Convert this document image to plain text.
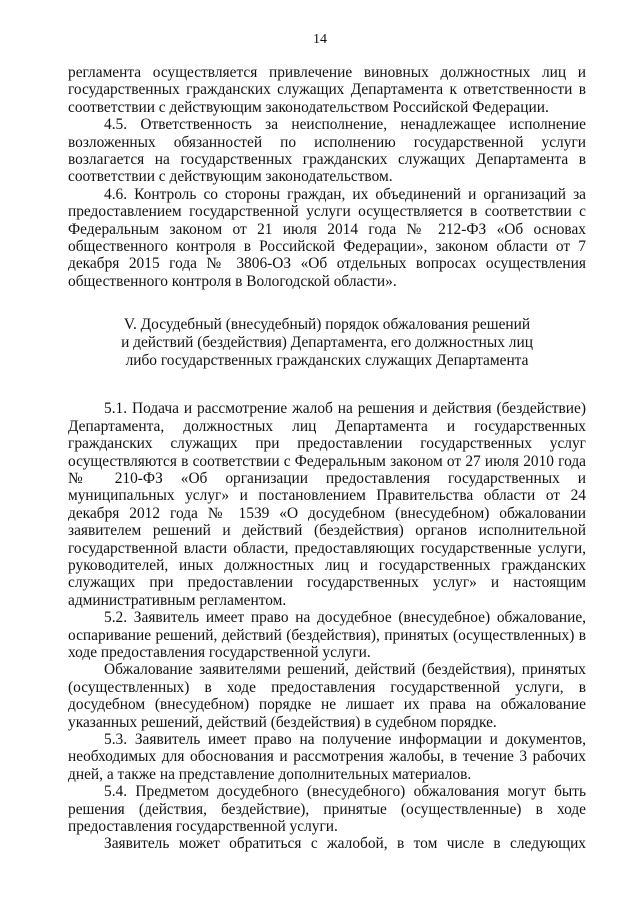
14

регламента осуществляется привлечение виновных должностных лиц и государственных гражданских служащих Департамента к ответственности в соответствии с действующим законодательством Российской Федерации.

4.5. Ответственность за неисполнение, ненадлежащее исполнение возложенных обязанностей по исполнению государственной услуги возлагается на государственных гражданских служащих Департамента в соответствии с действующим законодательством.

4.6. Контроль со стороны граждан, их объединений и организаций за предоставлением государственной услуги осуществляется в соответствии с Федеральным законом от 21 июля 2014 года № 212-ФЗ «Об основах общественного контроля в Российской Федерации», законом области от 7 декабря 2015 года № 3806-ОЗ «Об отдельных вопросах осуществления общественного контроля в Вологодской области».

V. Досудебный (внесудебный) порядок обжалования решений
и действий (бездействия) Департамента, его должностных лиц
либо государственных гражданских служащих Департамента

5.1. Подача и рассмотрение жалоб на решения и действия (бездействие) Департамента, должностных лиц Департамента и государственных гражданских служащих при предоставлении государственных услуг осуществляются в соответствии с Федеральным законом от 27 июля 2010 года № 210-ФЗ «Об организации предоставления государственных и муниципальных услуг» и постановлением Правительства области от 24 декабря 2012 года № 1539 «О досудебном (внесудебном) обжаловании заявителем решений и действий (бездействия) органов исполнительной государственной власти области, предоставляющих государственные услуги, руководителей, иных должностных лиц и государственных гражданских служащих при предоставлении государственных услуг» и настоящим административным регламентом.

5.2. Заявитель имеет право на досудебное (внесудебное) обжалование, оспаривание решений, действий (бездействия), принятых (осуществленных) в ходе предоставления государственной услуги.

Обжалование заявителями решений, действий (бездействия), принятых (осуществленных) в ходе предоставления государственной услуги, в досудебном (внесудебном) порядке не лишает их права на обжалование указанных решений, действий (бездействия) в судебном порядке.

5.3. Заявитель имеет право на получение информации и документов, необходимых для обоснования и рассмотрения жалобы, в течение 3 рабочих дней, а также на представление дополнительных материалов.

5.4. Предметом досудебного (внесудебного) обжалования могут быть решения (действия, бездействие), принятые (осуществленные) в ходе предоставления государственной услуги.

Заявитель может обратиться с жалобой, в том числе в следующих
